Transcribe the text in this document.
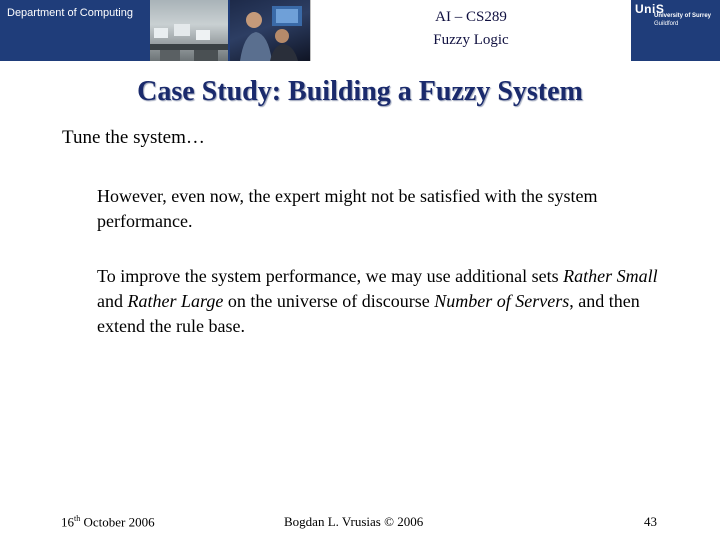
Department of Computing	AI – CS289
Fuzzy Logic
UniS
University of Surrey
Guildford
Case Study: Building a Fuzzy System
Tune the system…
However, even now, the expert might not be satisfied with the system performance.
To improve the system performance, we may use additional sets Rather Small and Rather Large on the universe of discourse Number of Servers, and then extend the rule base.
16th October 2006	Bogdan L. Vrusias © 2006	43
